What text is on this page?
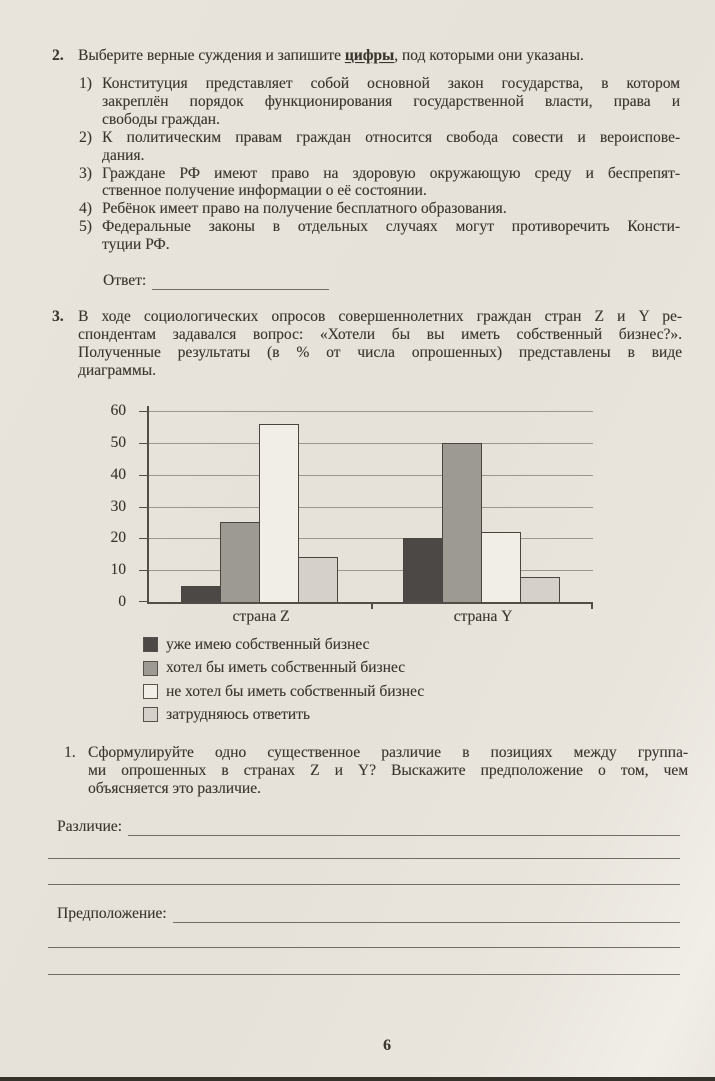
2. Выберите верные суждения и запишите цифры, под которыми они указаны.
1) Конституция представляет собой основной закон государства, в котором
закреплён порядок функционирования государственной власти, права и
свободы граждан.
2) К политическим правам граждан относится свобода совести и вероиспове-
дания.
3) Граждане РФ имеют право на здоровую окружающую среду и беспрепят-
ственное получение информации о её состоянии.
4) Ребёнок имеет право на получение бесплатного образования.
5) Федеральные законы в отдельных случаях могут противоречить Консти-
туции РФ.
Ответ:
3. В ходе социологических опросов совершеннолетних граждан стран Z и Y ре-
спондентам задавался вопрос: «Хотели бы вы иметь собственный бизнес?».
Полученные результаты (в % от числа опрошенных) представлены в виде
диаграммы.
0
10
20
30
40
50
60
страна Z	страна Y
уже имею собственный бизнес
хотел бы иметь собственный бизнес
не хотел бы иметь собственный бизнес
затрудняюсь ответить
1. Сформулируйте одно существенное различие в позициях между группа-
ми опрошенных в странах Z и Y? Выскажите предположение о том, чем
объясняется это различие.
Различие:
Предположение:
6
